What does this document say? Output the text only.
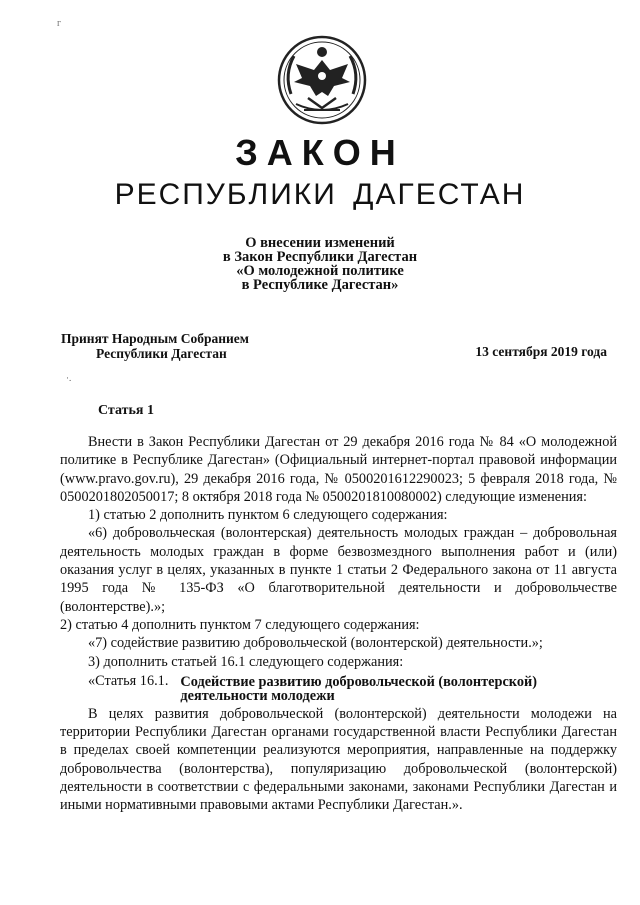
г
ЗАКОН
РЕСПУБЛИКИ ДАГЕСТАН
О внесении изменений
в Закон Республики Дагестан
«О молодежной политике
в Республике Дагестан»
Принят Народным Собранием
Республики Дагестан	13 сентября 2019 года
·.
Статья 1
Внести в Закон Республики Дагестан от 29 декабря 2016 года № 84 «О молодежной политике в Республике Дагестан» (Официальный интернет-портал правовой информации (www.pravo.gov.ru), 29 декабря 2016 года, № 0500201612290023; 5 февраля 2018 года, № 0500201802050017; 8 октября 2018 года № 0500201810080002) следующие изменения:
1) статью 2 дополнить пунктом 6 следующего содержания:
«6) добровольческая (волонтерская) деятельность молодых граждан – добровольная деятельность молодых граждан в форме безвозмездного выполнения работ и (или) оказания услуг в целях, указанных в пункте 1 статьи 2 Федерального закона от 11 августа 1995 года № 135-ФЗ «О благотворительной деятельности и добровольчестве (волонтерстве).»;
2) статью 4 дополнить пунктом 7 следующего содержания:
«7) содействие развитию добровольческой (волонтерской) деятельности.»;
3) дополнить статьей 16.1 следующего содержания:
«Статья 16.1. Содействие развитию добровольческой (волонтерской) деятельности молодежи
В целях развития добровольческой (волонтерской) деятельности молодежи на территории Республики Дагестан органами государственной власти Республики Дагестан в пределах своей компетенции реализуются мероприятия, направленные на поддержку добровольчества (волонтерства), популяризацию добровольческой (волонтерской) деятельности в соответствии с федеральными законами, законами Республики Дагестан и иными нормативными правовыми актами Республики Дагестан.».
